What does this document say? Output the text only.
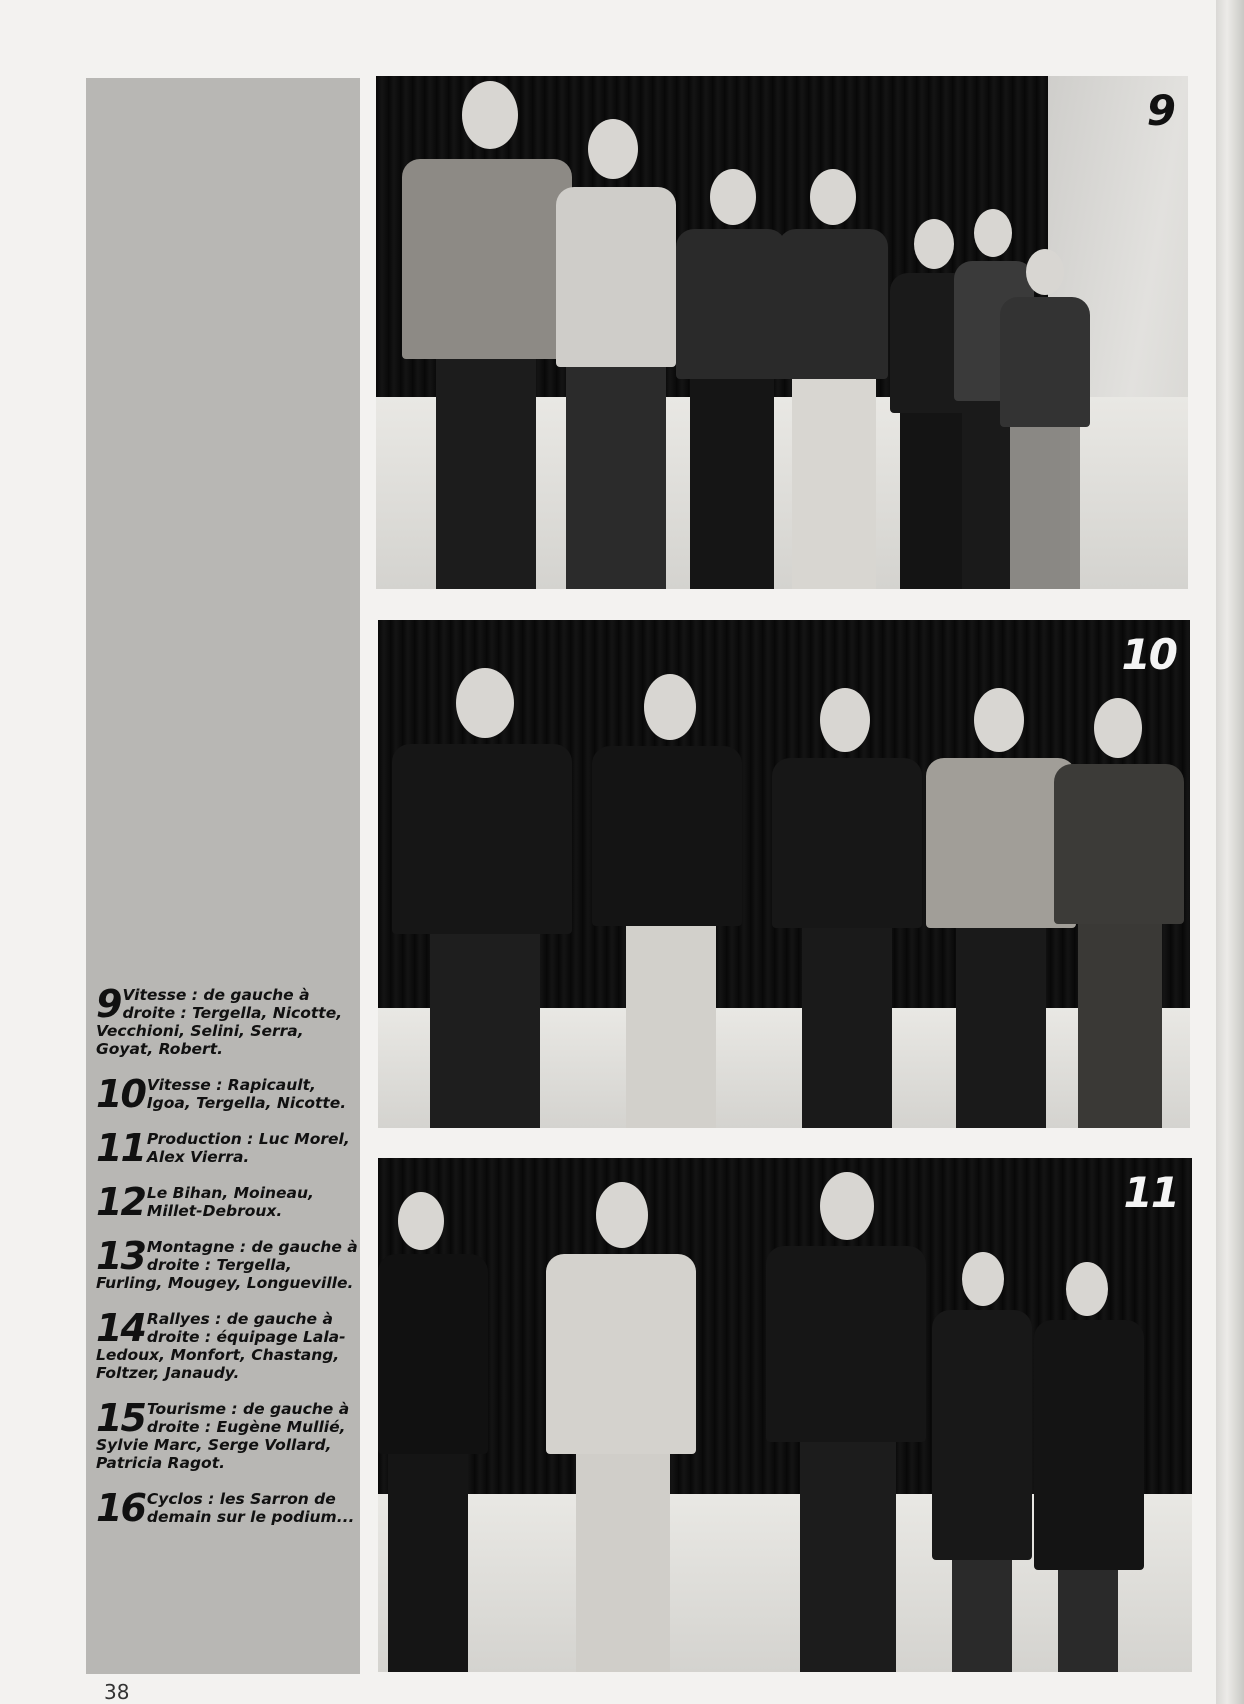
9
10
11
9 Vitesse : de gauche à droite : Tergella, Nicotte, Vecchioni, Selini, Serra, Goyat, Robert.
10 Vitesse : Rapicault, Igoa, Tergella, Nicotte.
11 Production : Luc Morel, Alex Vierra.
12 Le Bihan, Moineau, Millet-Debroux.
13 Montagne : de gauche à droite : Tergella, Furling, Mougey, Longueville.
14 Rallyes : de gauche à droite : équipage Lala-Ledoux, Monfort, Chastang, Foltzer, Janaudy.
15 Tourisme : de gauche à droite : Eugène Mullié, Sylvie Marc, Serge Vollard, Patricia Ragot.
16 Cyclos : les Sarron de demain sur le podium...
38
